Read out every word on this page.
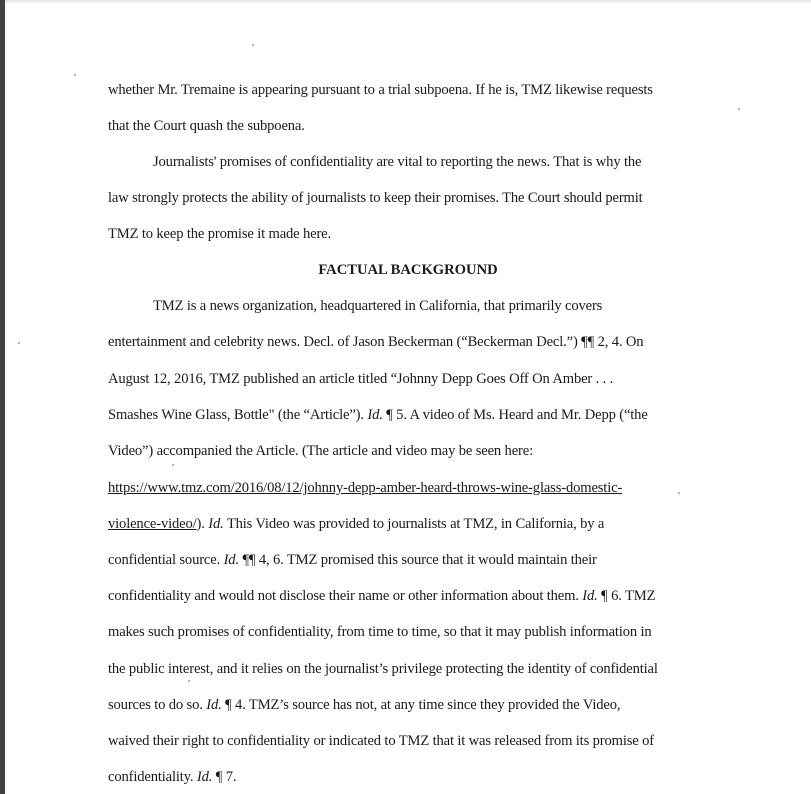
whether Mr. Tremaine is appearing pursuant to a trial subpoena. If he is, TMZ likewise requests
that the Court quash the subpoena.
Journalists' promises of confidentiality are vital to reporting the news. That is why the
law strongly protects the ability of journalists to keep their promises. The Court should permit
TMZ to keep the promise it made here.
FACTUAL BACKGROUND
TMZ is a news organization, headquartered in California, that primarily covers
entertainment and celebrity news. Decl. of Jason Beckerman (“Beckerman Decl.”) ¶¶ 2, 4. On
August 12, 2016, TMZ published an article titled “Johnny Depp Goes Off On Amber . . .
Smashes Wine Glass, Bottle" (the “Article”). Id. ¶ 5. A video of Ms. Heard and Mr. Depp (“the
Video”) accompanied the Article. (The article and video may be seen here:
https://www.tmz.com/2016/08/12/johnny-depp-amber-heard-throws-wine-glass-domestic-
violence-video/). Id. This Video was provided to journalists at TMZ, in California, by a
confidential source. Id. ¶¶ 4, 6. TMZ promised this source that it would maintain their
confidentiality and would not disclose their name or other information about them. Id. ¶ 6. TMZ
makes such promises of confidentiality, from time to time, so that it may publish information in
the public interest, and it relies on the journalist’s privilege protecting the identity of confidential
sources to do so. Id. ¶ 4. TMZ’s source has not, at any time since they provided the Video,
waived their right to confidentiality or indicated to TMZ that it was released from its promise of
confidentiality. Id. ¶ 7.
